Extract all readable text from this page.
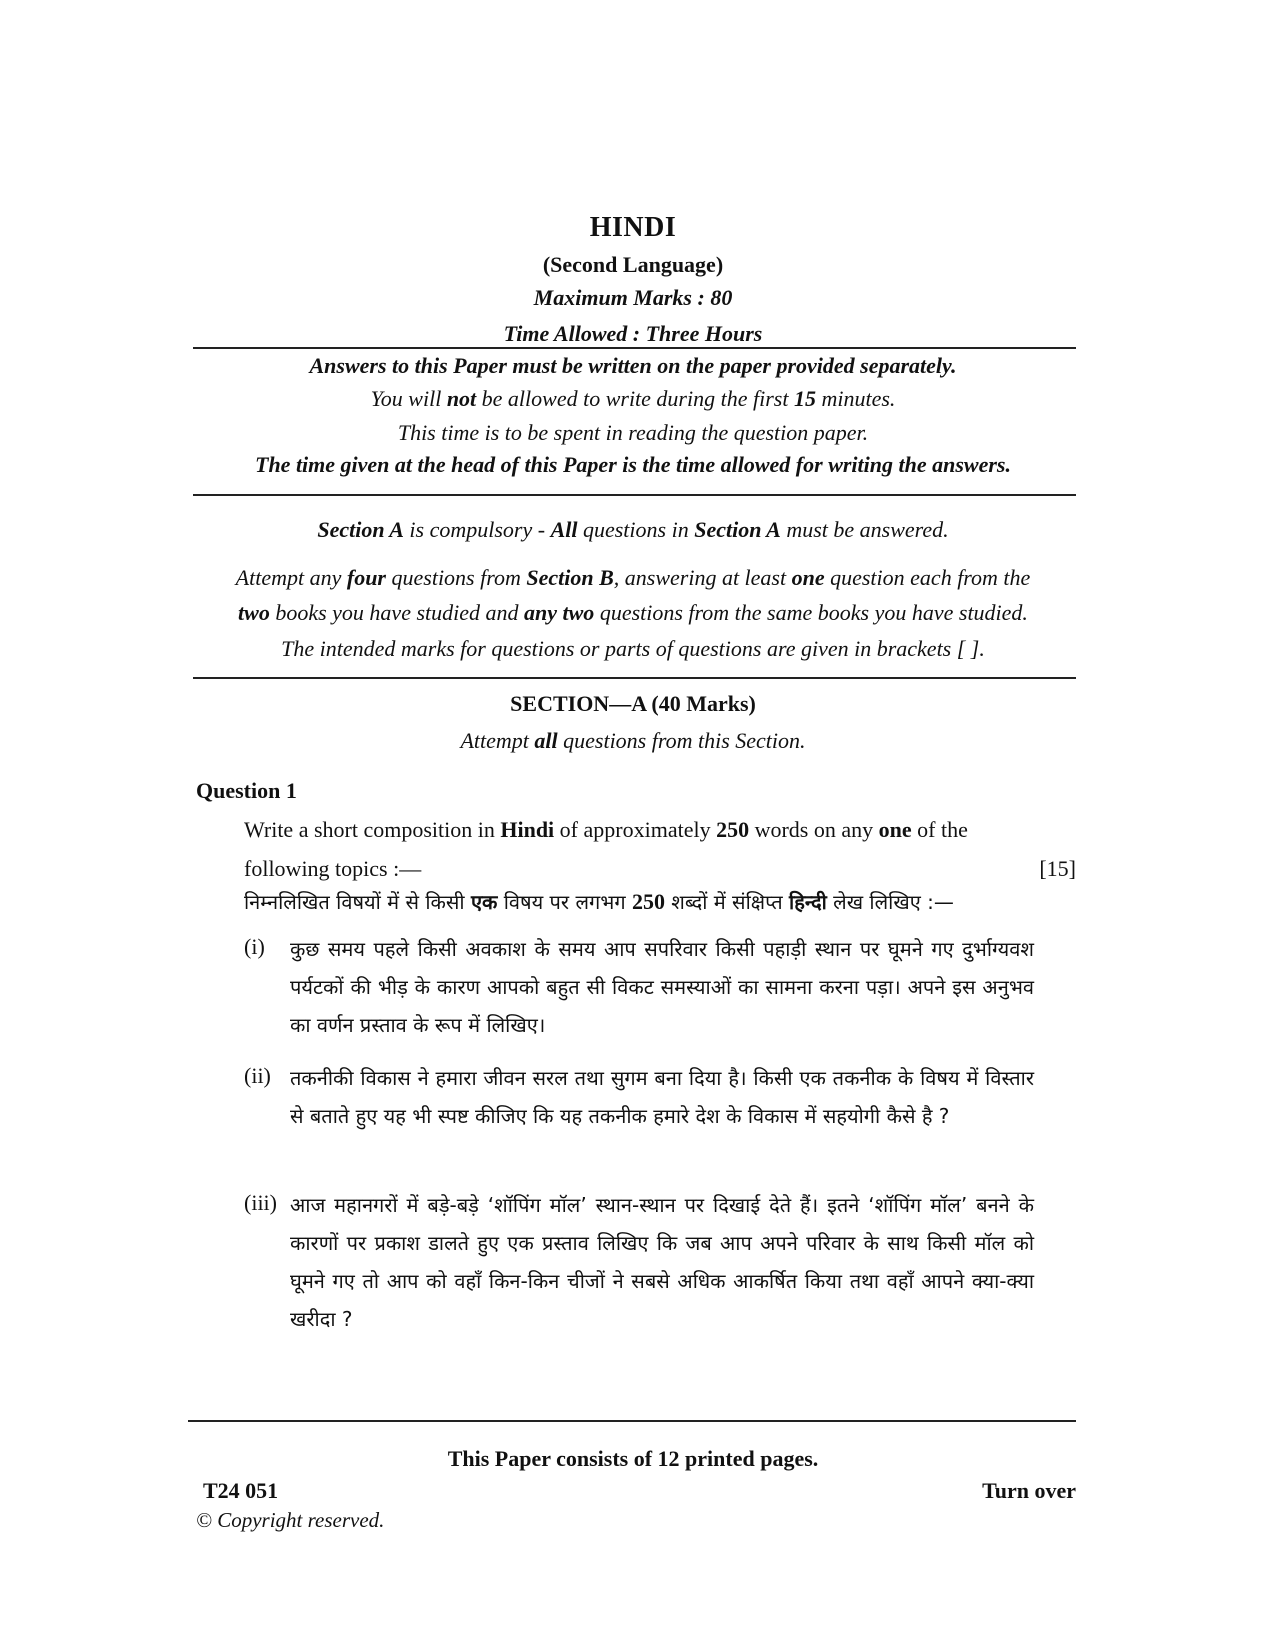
HINDI
(Second Language)
Maximum Marks : 80
Time Allowed : Three Hours
Answers to this Paper must be written on the paper provided separately.
You will not be allowed to write during the first 15 minutes.
This time is to be spent in reading the question paper.
The time given at the head of this Paper is the time allowed for writing the answers.
Section A is compulsory - All questions in Section A must be answered.
Attempt any four questions from Section B, answering at least one question each from the
two books you have studied and any two questions from the same books you have studied.
The intended marks for questions or parts of questions are given in brackets [ ].
SECTION—A (40 Marks)
Attempt all questions from this Section.
Question 1
Write a short composition in Hindi of approximately 250 words on any one of the
following topics :—	[15]
निम्नलिखित विषयों में से किसी एक विषय पर लगभग 250 शब्दों में संक्षिप्त हिन्दी लेख लिखिए :—
(i) कुछ समय पहले किसी अवकाश के समय आप सपरिवार किसी पहाड़ी स्थान पर घूमने गए दुर्भाग्यवश पर्यटकों की भीड़ के कारण आपको बहुत सी विकट समस्याओं का सामना करना पड़ा। अपने इस अनुभव का वर्णन प्रस्ताव के रूप में लिखिए।
(ii) तकनीकी विकास ने हमारा जीवन सरल तथा सुगम बना दिया है। किसी एक तकनीक के विषय में विस्तार से बताते हुए यह भी स्पष्ट कीजिए कि यह तकनीक हमारे देश के विकास में सहयोगी कैसे है ?
(iii) आज महानगरों में बड़े-बड़े ‘शॉपिंग मॉल’ स्थान-स्थान पर दिखाई देते हैं। इतने ‘शॉपिंग मॉल’ बनने के कारणों पर प्रकाश डालते हुए एक प्रस्ताव लिखिए कि जब आप अपने परिवार के साथ किसी मॉल को घूमने गए तो आप को वहाँ किन-किन चीजों ने सबसे अधिक आकर्षित किया तथा वहाँ आपने क्या-क्या खरीदा ?
This Paper consists of 12 printed pages.
T24 051	Turn over
© Copyright reserved.
